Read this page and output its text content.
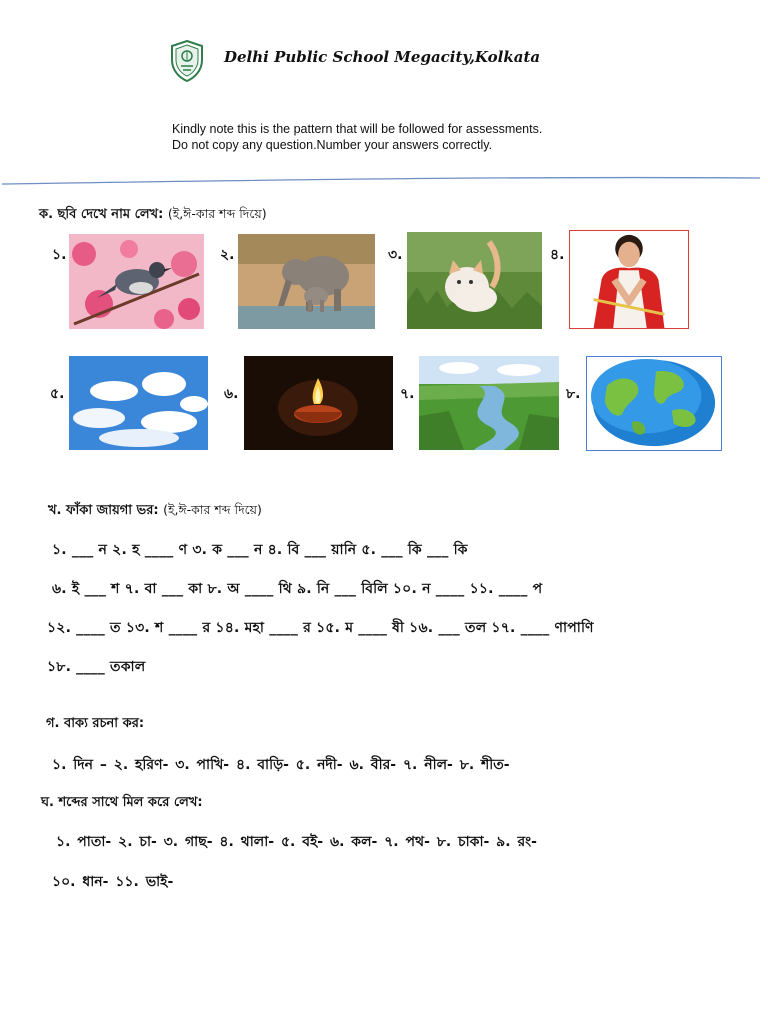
Delhi Public School Megacity,Kolkata
Kindly note this is the pattern that will be followed for assessments.
Do not copy any question.Number your answers correctly.
ক. ছবি দেখে নাম লেখ: (ই,ঈ-কার শব্দ দিয়ে)
১.	২.	৩.	৪.
৫.	৬.	৭.	৮.
খ. ফাঁকা জায়গা ভর: (ই,ঈ-কার শব্দ দিয়ে)
১. ___ ন ২. হ ____ ণ ৩. ক ___ ন ৪. বি ___ য়ানি ৫. ___ কি ___ কি
৬. ই ___ শ ৭. বা ___ কা ৮. অ ____ থি ৯. নি ___ বিলি ১০. ন ____ ১১. ____ প
১২. ____ ত ১৩. শ ____ র ১৪. মহা ____ র ১৫. ম ____ ষী ১৬. ___ তল ১৭. ____ ণাপাণি
১৮. ____ তকাল
গ. বাক্য রচনা কর:
১. দিন – ২. হরিণ- ৩. পাখি- ৪. বাড়ি- ৫. নদী- ৬. বীর- ৭. নীল- ৮. শীত-
ঘ. শব্দের সাথে মিল করে লেখ:
১. পাতা- ২. চা- ৩. গাছ- ৪. থালা- ৫. বই- ৬. কল- ৭. পথ- ৮. চাকা- ৯. রং-
১০. ধান- ১১. ভাই-
